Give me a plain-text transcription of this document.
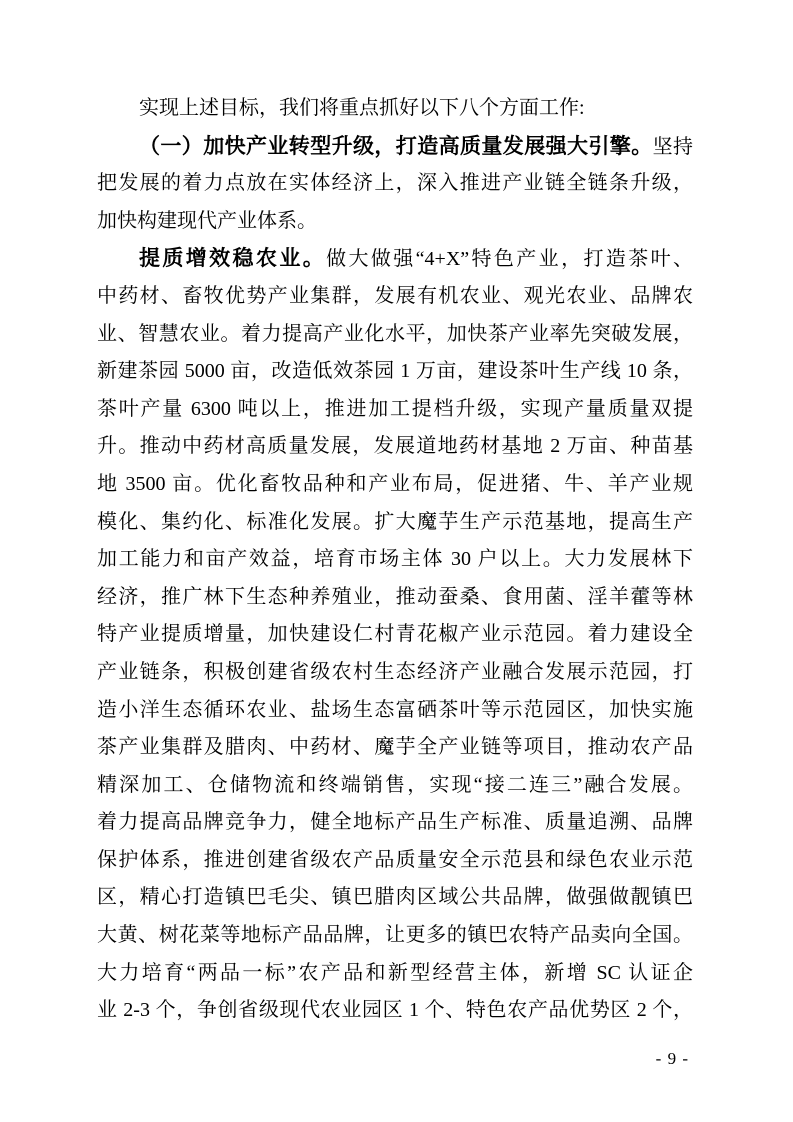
实现上述目标，我们将重点抓好以下八个方面工作:
（一）加快产业转型升级，打造高质量发展强大引擎。坚持
把发展的着力点放在实体经济上，深入推进产业链全链条升级，
加快构建现代产业体系。
提质增效稳农业。做大做强“4+X”特色产业，打造茶叶、
中药材、畜牧优势产业集群，发展有机农业、观光农业、品牌农
业、智慧农业。着力提高产业化水平，加快茶产业率先突破发展，
新建茶园 5000 亩，改造低效茶园 1 万亩，建设茶叶生产线 10 条，
茶叶产量 6300 吨以上，推进加工提档升级，实现产量质量双提
升。推动中药材高质量发展，发展道地药材基地 2 万亩、种苗基
地 3500 亩。优化畜牧品种和产业布局，促进猪、牛、羊产业规
模化、集约化、标准化发展。扩大魔芋生产示范基地，提高生产
加工能力和亩产效益，培育市场主体 30 户以上。大力发展林下
经济，推广林下生态种养殖业，推动蚕桑、食用菌、淫羊藿等林
特产业提质增量，加快建设仁村青花椒产业示范园。着力建设全
产业链条，积极创建省级农村生态经济产业融合发展示范园，打
造小洋生态循环农业、盐场生态富硒茶叶等示范园区，加快实施
茶产业集群及腊肉、中药材、魔芋全产业链等项目，推动农产品
精深加工、仓储物流和终端销售，实现“接二连三”融合发展。
着力提高品牌竞争力，健全地标产品生产标准、质量追溯、品牌
保护体系，推进创建省级农产品质量安全示范县和绿色农业示范
区，精心打造镇巴毛尖、镇巴腊肉区域公共品牌，做强做靓镇巴
大黄、树花菜等地标产品品牌，让更多的镇巴农特产品卖向全国。
大力培育“两品一标”农产品和新型经营主体，新增 SC 认证企
业 2-3 个，争创省级现代农业园区 1 个、特色农产品优势区 2 个，
- 9 -
